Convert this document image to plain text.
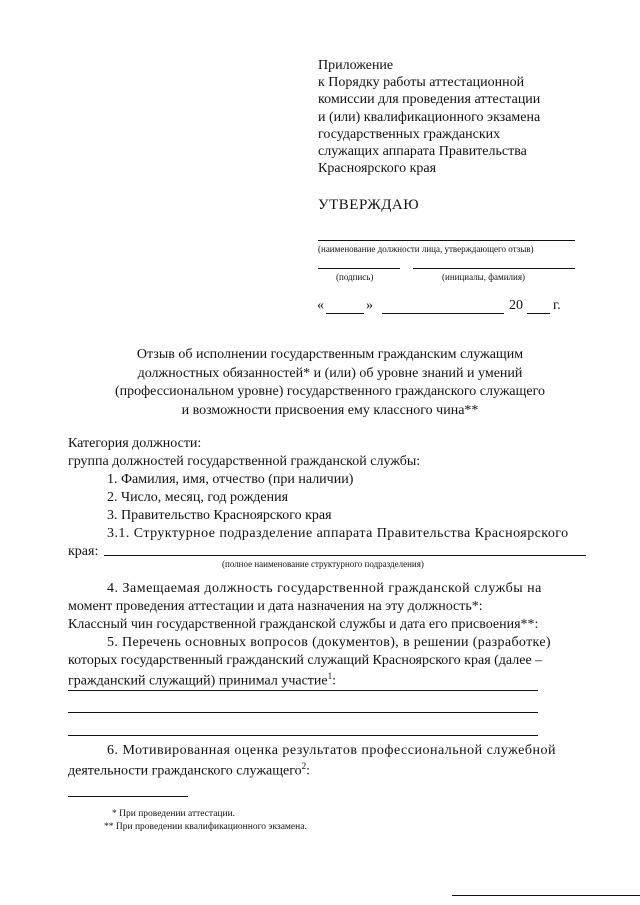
Приложение
к Порядку работы аттестационной
комиссии для проведения аттестации
и (или) квалификационного экзамена
государственных гражданских
служащих аппарата Правительства
Красноярского края
УТВЕРЖДАЮ
(наименование должности лица, утверждающего отзыв)
(подпись)	(инициалы, фамилия)
«	»	20 г.
Отзыв об исполнении государственным гражданским служащим
должностных обязанностей* и (или) об уровне знаний и умений
(профессиональном уровне) государственного гражданского служащего
и возможности присвоения ему классного чина**
Категория должности:
группа должностей государственной гражданской службы:
1. Фамилия, имя, отчество (при наличии)
2. Число, месяц, год рождения
3. Правительство Красноярского края
3.1. Структурное подразделение аппарата Правительства Красноярского
края:
(полное наименование структурного подразделения)
4. Замещаемая должность государственной гражданской службы на
момент проведения аттестации и дата назначения на эту должность*:
Классный чин государственной гражданской службы и дата его присвоения**:
5. Перечень основных вопросов (документов), в решении (разработке)
которых государственный гражданский служащий Красноярского края (далее –
гражданский служащий) принимал участие$^1$:
6. Мотивированная оценка результатов профессиональной служебной
деятельности гражданского служащего$^2$:
* При проведении аттестации.
** При проведении квалификационного экзамена.
